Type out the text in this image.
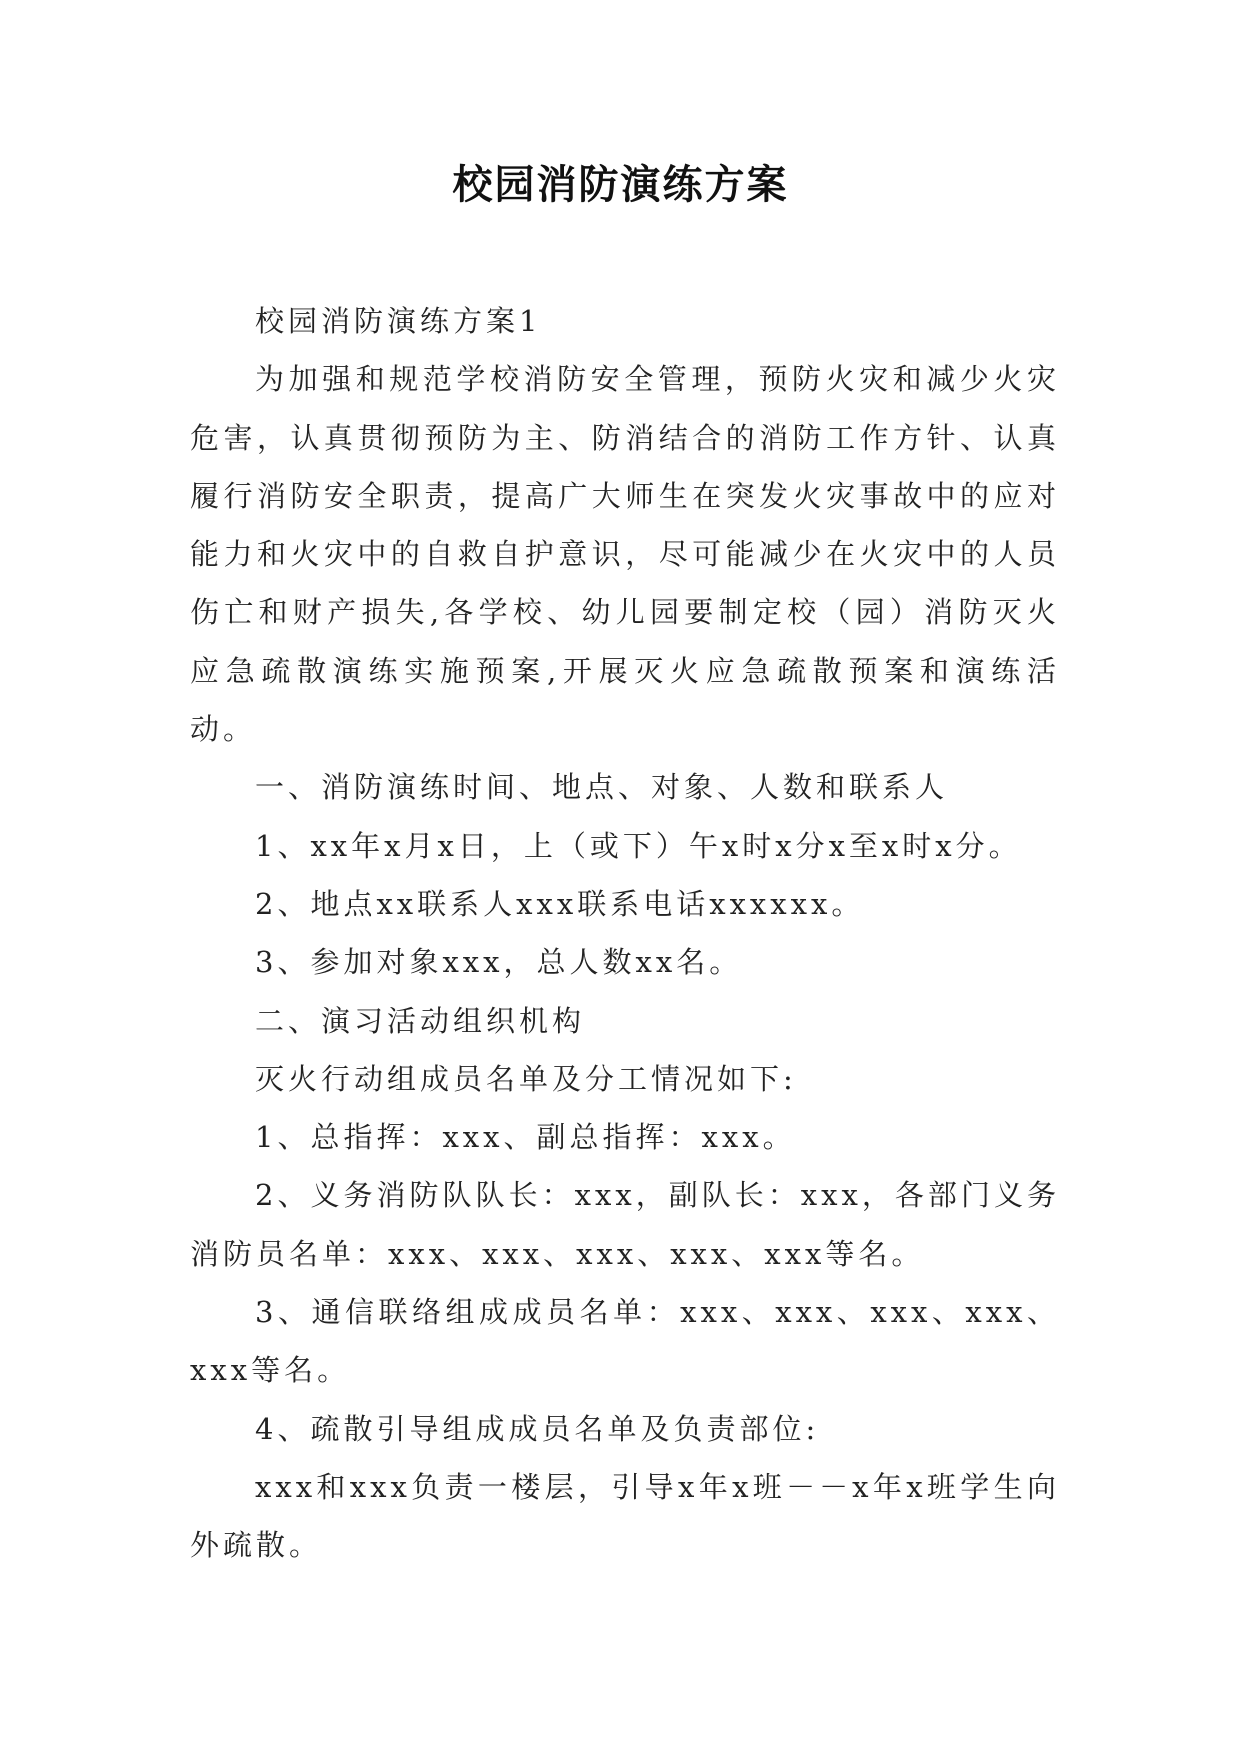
校园消防演练方案

校园消防演练方案1

为加强和规范学校消防安全管理，预防火灾和减少火灾危害，认真贯彻预防为主、防消结合的消防工作方针、认真履行消防安全职责，提高广大师生在突发火灾事故中的应对能力和火灾中的自救自护意识，尽可能减少在火灾中的人员伤亡和财产损失,各学校、幼儿园要制定校（园）消防灭火应急疏散演练实施预案,开展灭火应急疏散预案和演练活动。

一、消防演练时间、地点、对象、人数和联系人

1、xx年x月x日，上（或下）午x时x分x至x时x分。

2、地点xx联系人xxx联系电话xxxxxx。

3、参加对象xxx，总人数xx名。

二、演习活动组织机构

灭火行动组成员名单及分工情况如下:

1、总指挥：xxx、副总指挥：xxx。

2、义务消防队队长：xxx，副队长：xxx，各部门义务消防员名单：xxx、xxx、xxx、xxx、xxx等名。

3、通信联络组成成员名单：xxx、xxx、xxx、xxx、xxx等名。

4、疏散引导组成成员名单及负责部位:

xxx和xxx负责一楼层，引导x年x班－－x年x班学生向外疏散。
